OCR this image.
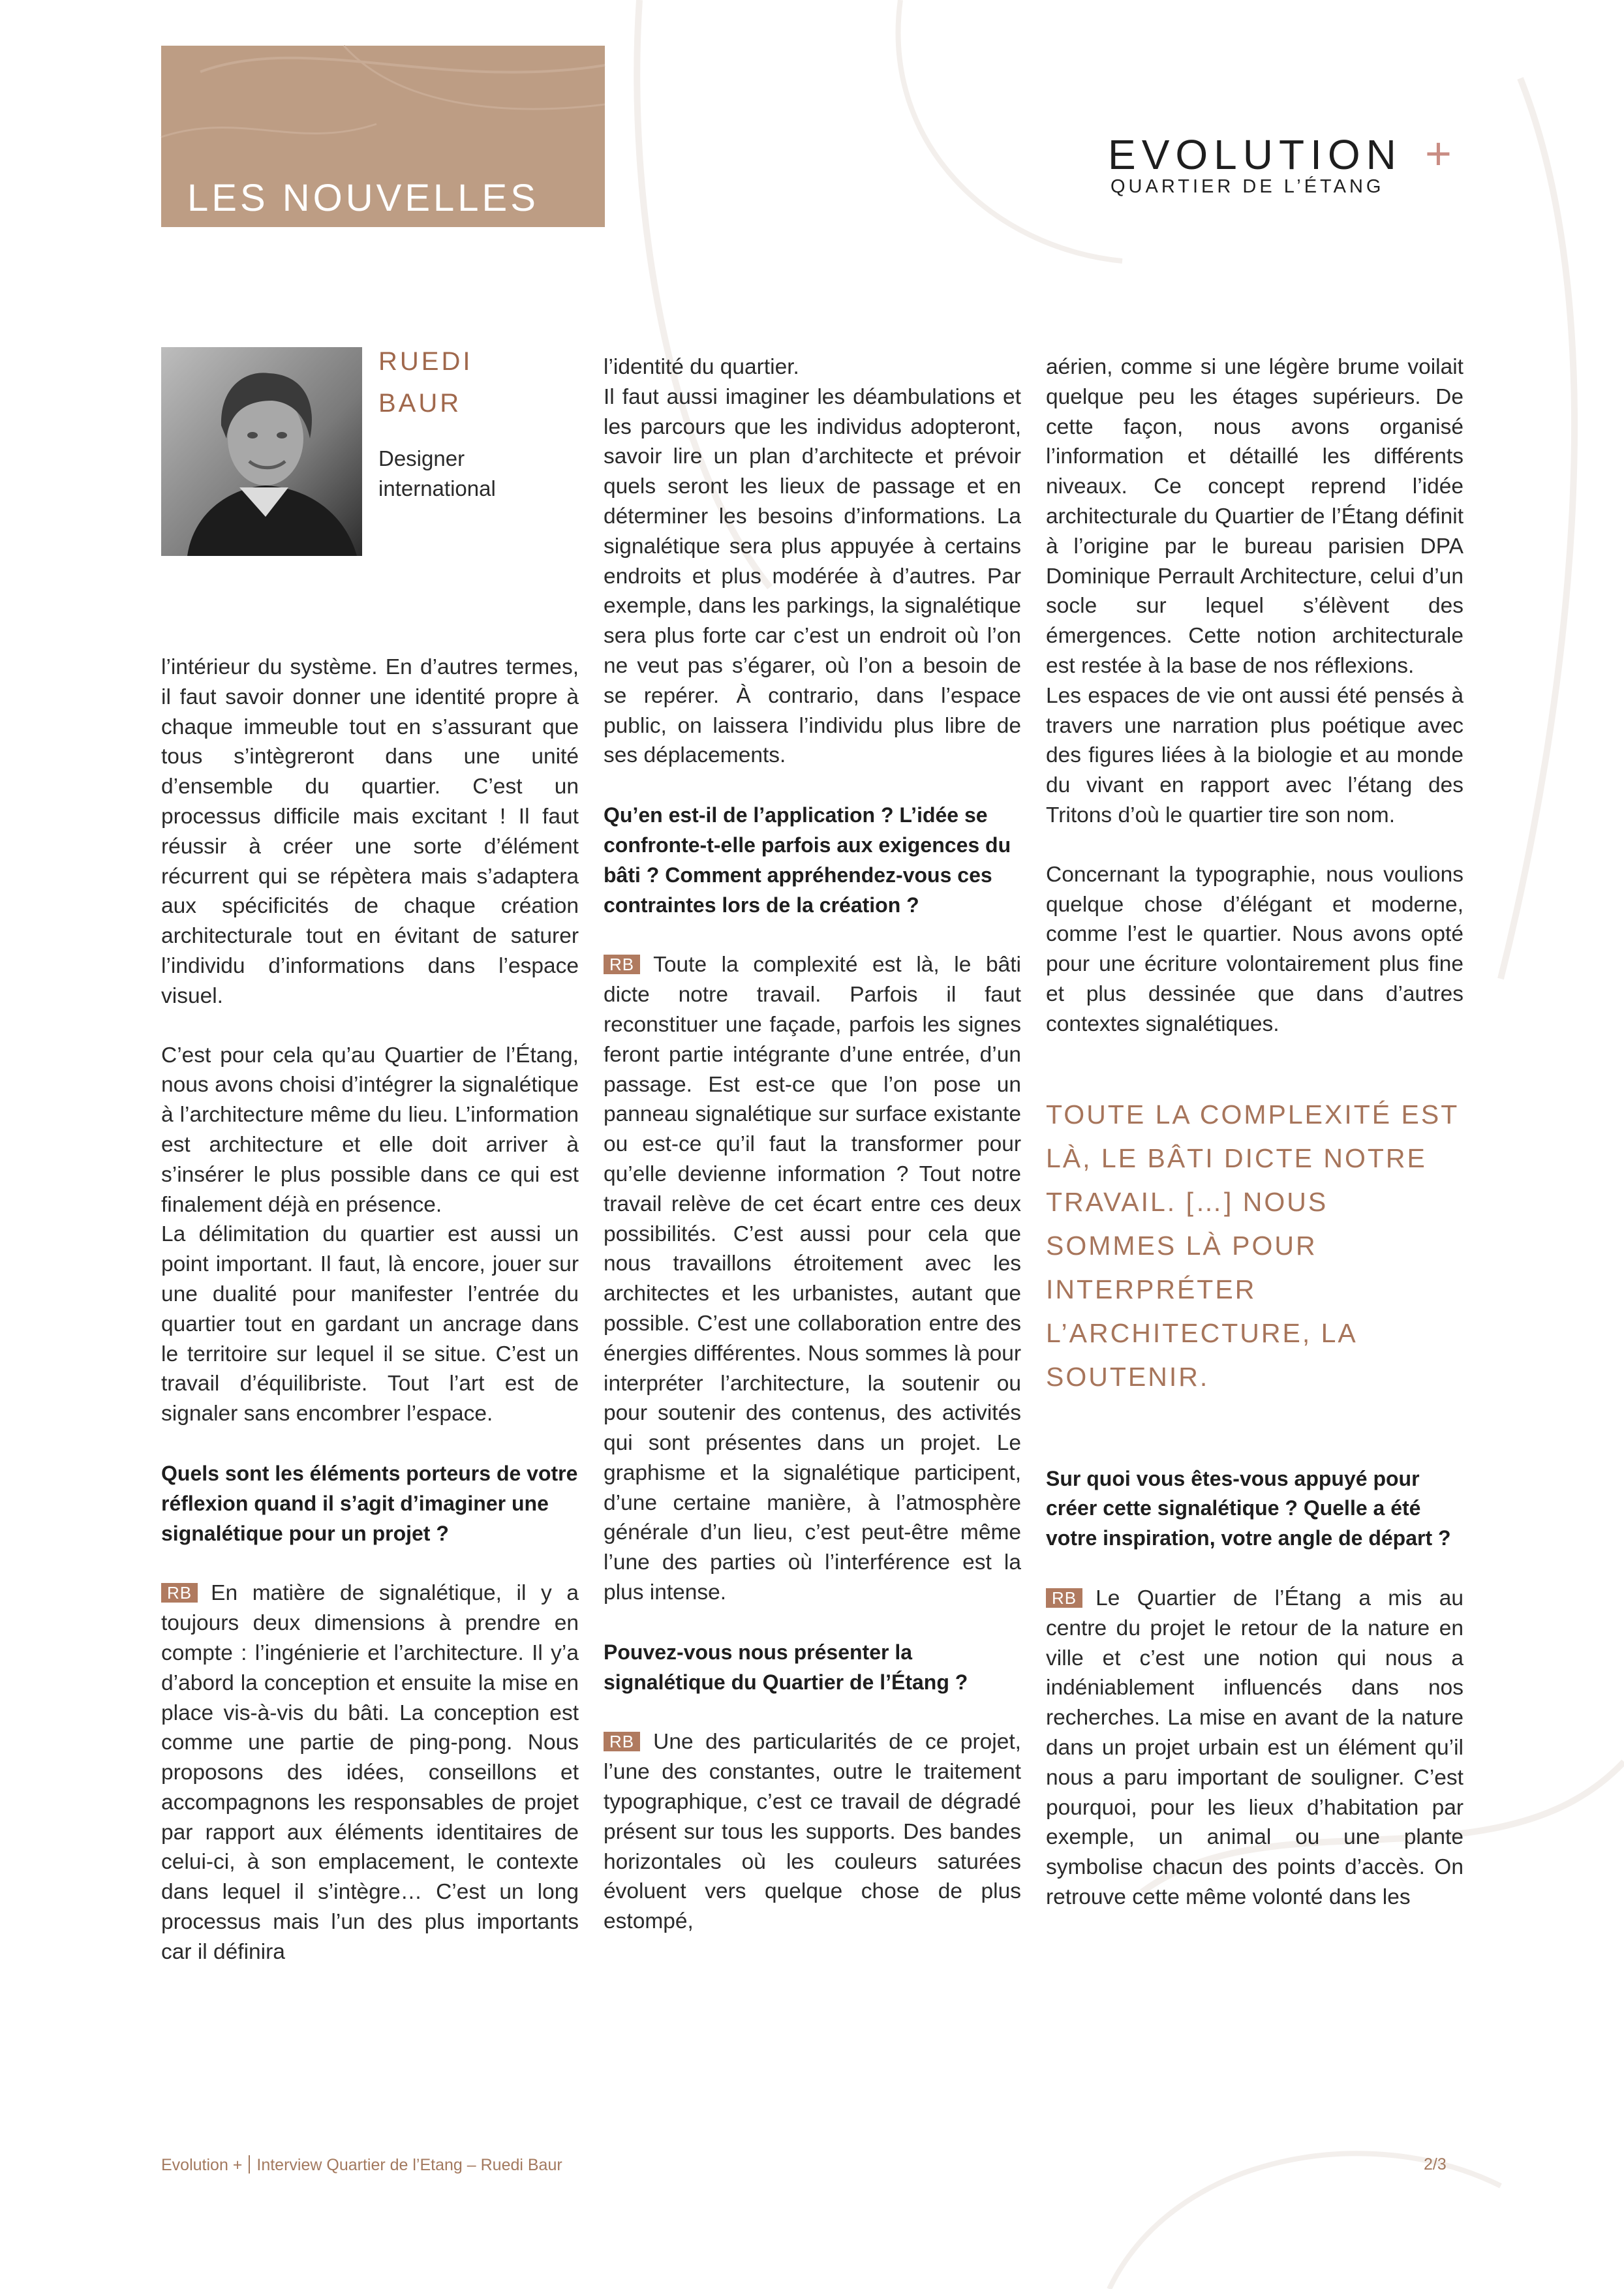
LES NOUVELLES
11.11.2021
EVOLUTION +
QUARTIER DE L’ÉTANG
RUEDI
BAUR
Designer international

l’intérieur du système. En d’autres termes, il faut savoir donner une identité propre à chaque immeuble tout en s’assurant que tous s’intègreront dans une unité d’ensemble du quartier. C’est un processus difficile mais excitant ! Il faut réussir à créer une sorte d’élément récurrent qui se répètera mais s’adaptera aux spécificités de chaque création architecturale tout en évitant de saturer l’individu d’informations dans l’espace visuel.

C’est pour cela qu’au Quartier de l’Étang, nous avons choisi d’intégrer la signalétique à l’architecture même du lieu. L’information est architecture et elle doit arriver à s’insérer le plus possible dans ce qui est finalement déjà en présence.

La délimitation du quartier est aussi un point important. Il faut, là encore, jouer sur une dualité pour manifester l’entrée du quartier tout en gardant un ancrage dans le territoire sur lequel il se situe. C’est un travail d’équilibriste. Tout l’art est de signaler sans encombrer l’espace.

Quels sont les éléments porteurs de votre réflexion quand il s’agit d’imaginer une signalétique pour un projet ?

RB En matière de signalétique, il y a toujours deux dimensions à prendre en compte : l’ingénierie et l’architecture. Il y’a d’abord la conception et ensuite la mise en place vis-à-vis du bâti. La conception est comme une partie de ping-pong. Nous proposons des idées, conseillons et accompagnons les responsables de projet par rapport aux éléments identitaires de celui-ci, à son emplacement, le contexte dans lequel il s’intègre… C’est un long processus mais l’un des plus importants car il définira

l’identité du quartier.

Il faut aussi imaginer les déambulations et les parcours que les individus adopteront, savoir lire un plan d’architecte et prévoir quels seront les lieux de passage et en déterminer les besoins d’informations. La signalétique sera plus appuyée à certains endroits et plus modérée à d’autres. Par exemple, dans les parkings, la signalétique sera plus forte car c’est un endroit où l’on ne veut pas s’égarer, où l’on a besoin de se repérer. À contrario, dans l’espace public, on laissera l’individu plus libre de ses déplacements.

Qu’en est-il de l’application ? L’idée se confronte-t-elle parfois aux exigences du bâti ? Comment appréhendez-vous ces contraintes lors de la création ?

RB Toute la complexité est là, le bâti dicte notre travail. Parfois il faut reconstituer une façade, parfois les signes feront partie intégrante d’une entrée, d’un passage. Est est-ce que l’on pose un panneau signalétique sur surface existante ou est-ce qu’il faut la transformer pour qu’elle devienne information ? Tout notre travail relève de cet écart entre ces deux possibilités. C’est aussi pour cela que nous travaillons étroitement avec les architectes et les urbanistes, autant que possible. C’est une collaboration entre des énergies différentes. Nous sommes là pour interpréter l’architecture, la soutenir ou pour soutenir des contenus, des activités qui sont présentes dans un projet. Le graphisme et la signalétique participent, d’une certaine manière, à l’atmosphère générale d’un lieu, c’est peut-être même l’une des parties où l’interférence est la plus intense.

Pouvez-vous nous présenter la signalétique du Quartier de l’Étang ?

RB Une des particularités de ce projet, l’une des constantes, outre le traitement typographique, c’est ce travail de dégradé présent sur tous les supports. Des bandes horizontales où les couleurs saturées évoluent vers quelque chose de plus estompé,

aérien, comme si une légère brume voilait quelque peu les étages supérieurs. De cette façon, nous avons organisé l’information et détaillé les différents niveaux. Ce concept reprend l’idée architecturale du Quartier de l’Étang définit à l’origine par le bureau parisien DPA Dominique Perrault Architecture, celui d’un socle sur lequel s’élèvent des émergences. Cette notion architecturale est restée à la base de nos réflexions.

Les espaces de vie ont aussi été pensés à travers une narration plus poétique avec des figures liées à la biologie et au monde du vivant en rapport avec l’étang des Tritons d’où le quartier tire son nom.

Concernant la typographie, nous voulions quelque chose d’élégant et moderne, comme l’est le quartier. Nous avons opté pour une écriture volontairement plus fine et plus dessinée que dans d’autres contextes signalétiques.

TOUTE LA COMPLEXITÉ EST LÀ, LE BÂTI DICTE NOTRE TRAVAIL. […] NOUS SOMMES LÀ POUR INTERPRÉTER L’ARCHITECTURE, LA SOUTENIR.
Sur quoi vous êtes-vous appuyé pour créer cette signalétique ? Quelle a été votre inspiration, votre angle de départ ?

RB Le Quartier de l’Étang a mis au centre du projet le retour de la nature en ville et c’est une notion qui nous a indéniablement influencés dans nos recherches. La mise en avant de la nature dans un projet urbain est un élément qu’il nous a paru important de souligner. C’est pourquoi, pour les lieux d’habitation par exemple, un animal ou une plante symbolise chacun des points d’accès. On retrouve cette même volonté dans les

Evolution + Interview Quartier de l’Etang – Ruedi Baur	2/3
